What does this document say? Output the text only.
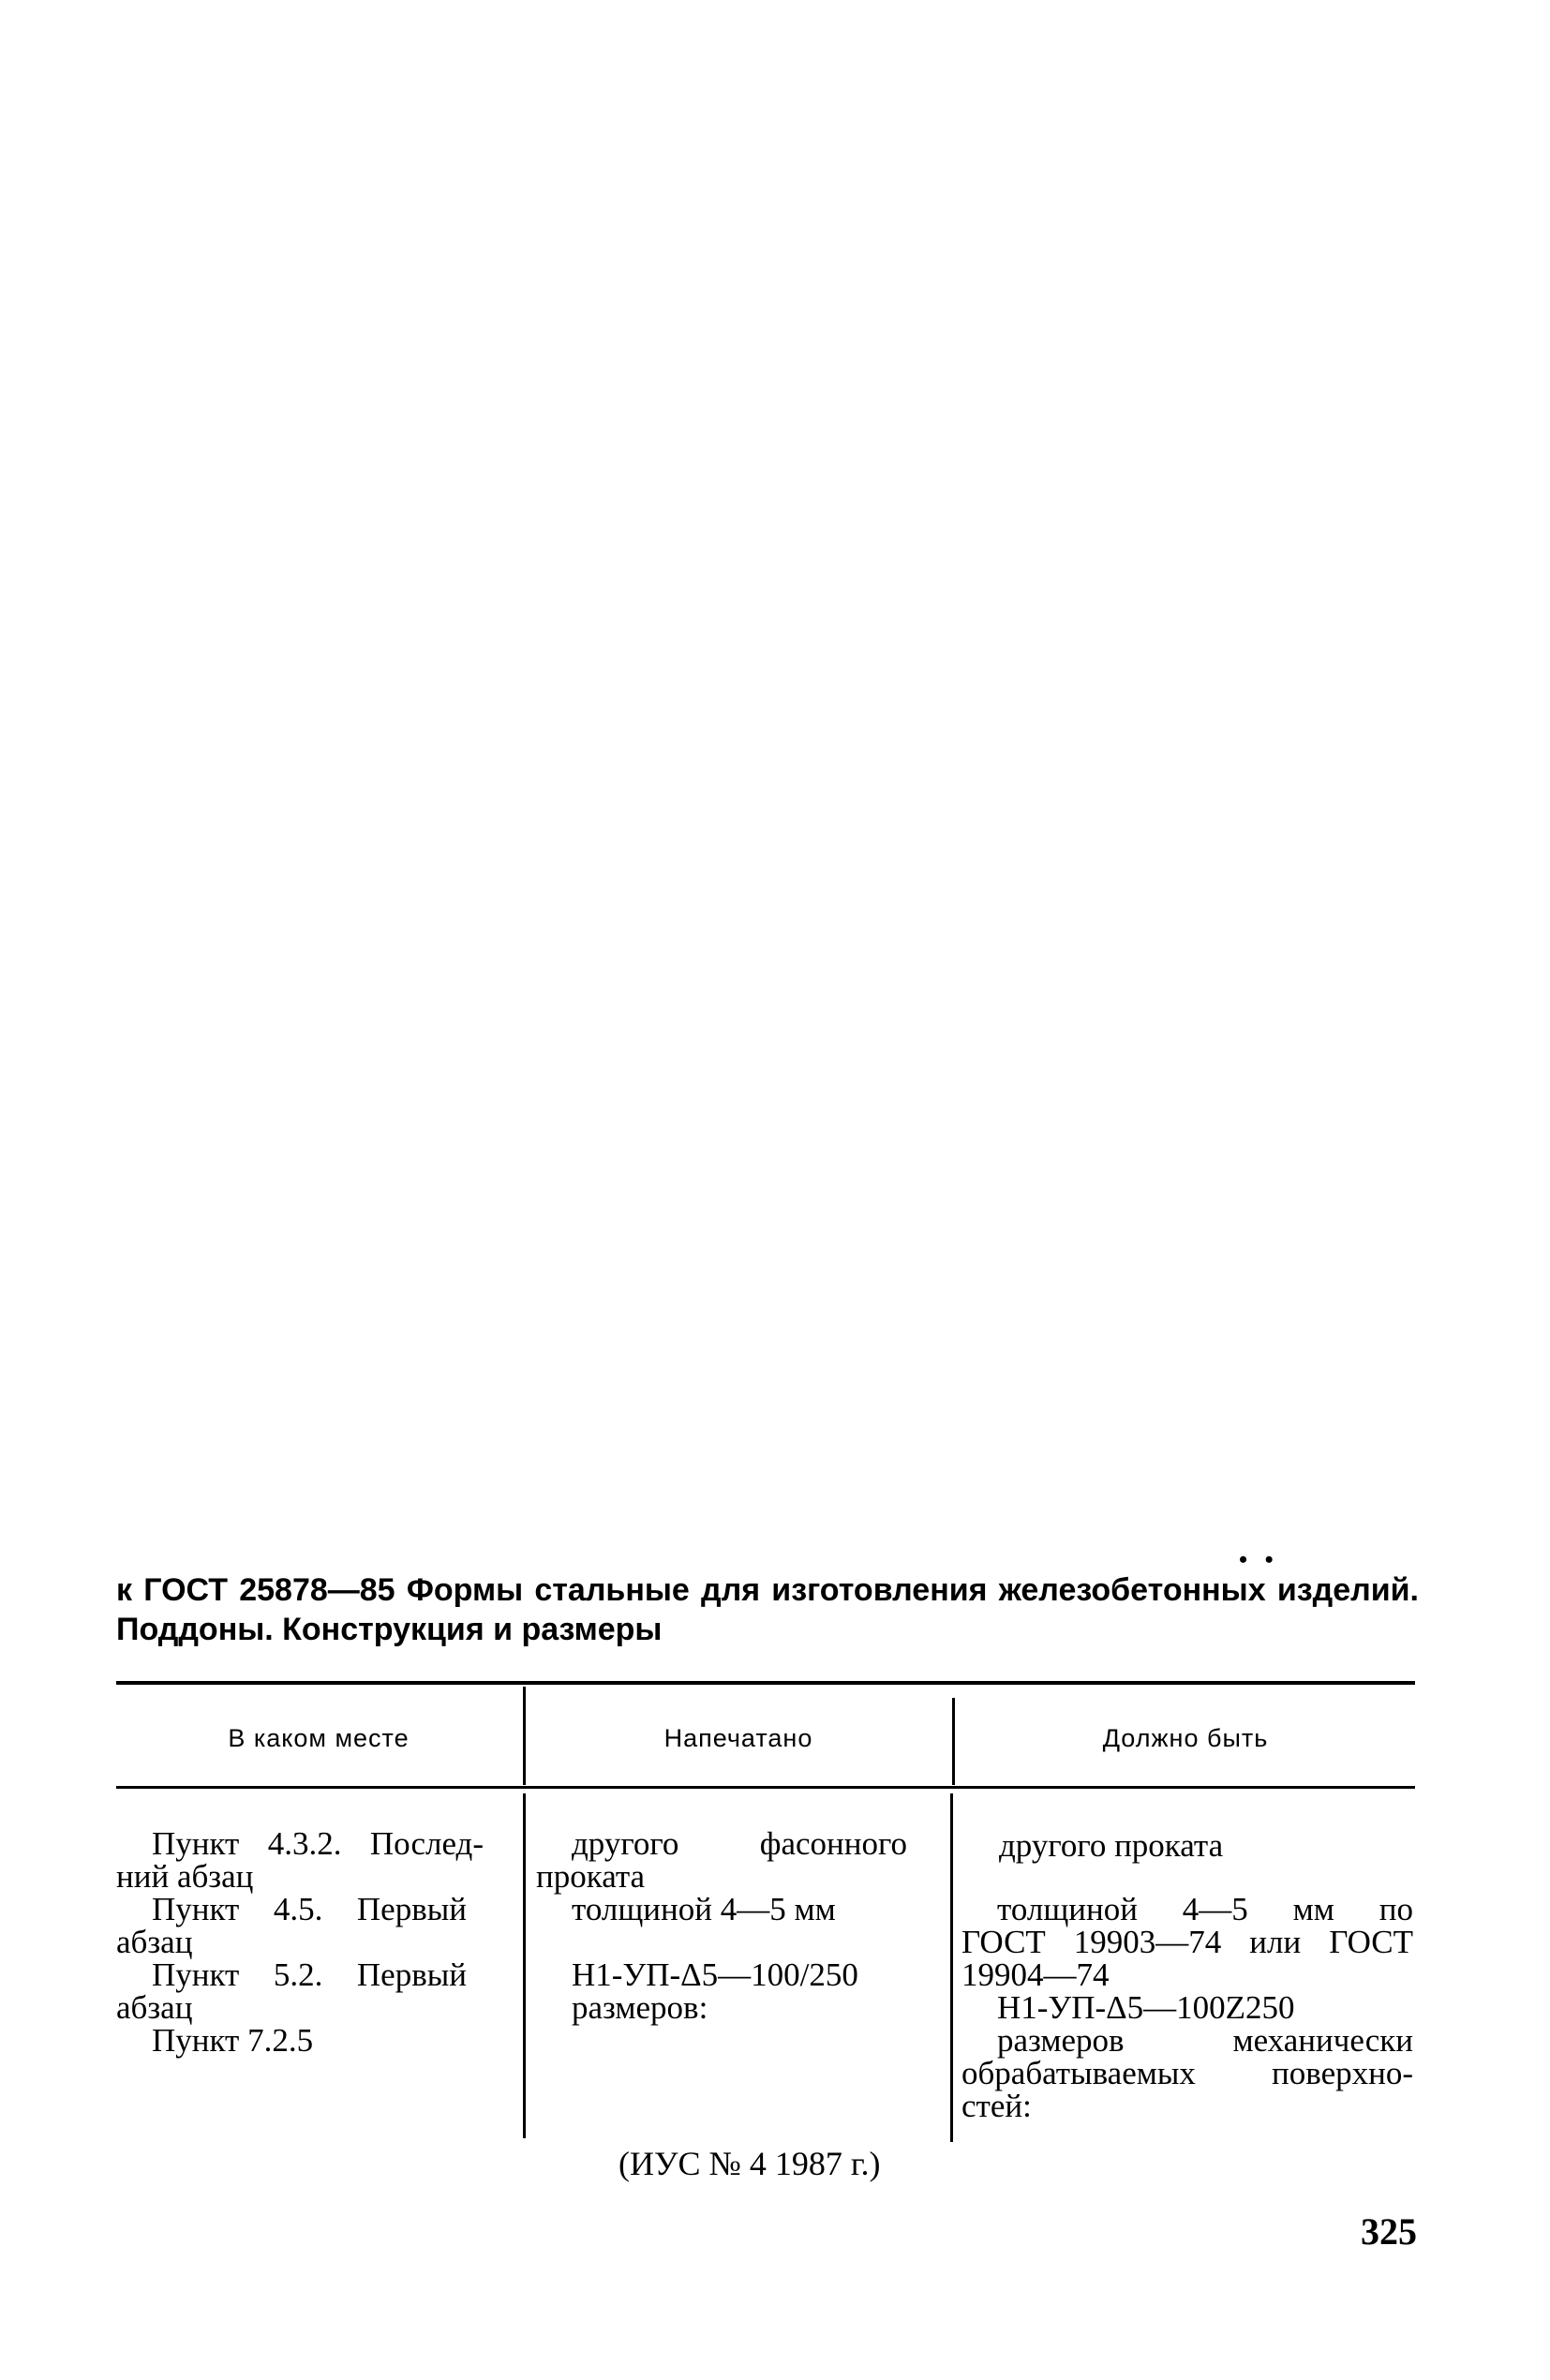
• •
к ГОСТ 25878—85 Формы стальные для изготовления железобетонных изделий. Поддоны. Конструкция и размеры
В каком месте	Напечатано	Должно быть
Пункт 4.3.2. Послед-
ний абзац
Пункт 4.5. Первый
абзац
Пункт 5.2. Первый
абзац
Пункт 7.2.5
другого фасонного
проката
толщиной 4—5 мм
Н1-УП-Δ5—100/250
размеров:
другого проката
толщиной 4—5 мм по
ГОСТ 19903—74 или ГОСТ
19904—74
Н1-УП-Δ5—100Z250
размеров механически
обрабатываемых поверхно-
стей:
(ИУС № 4 1987 г.)
325
